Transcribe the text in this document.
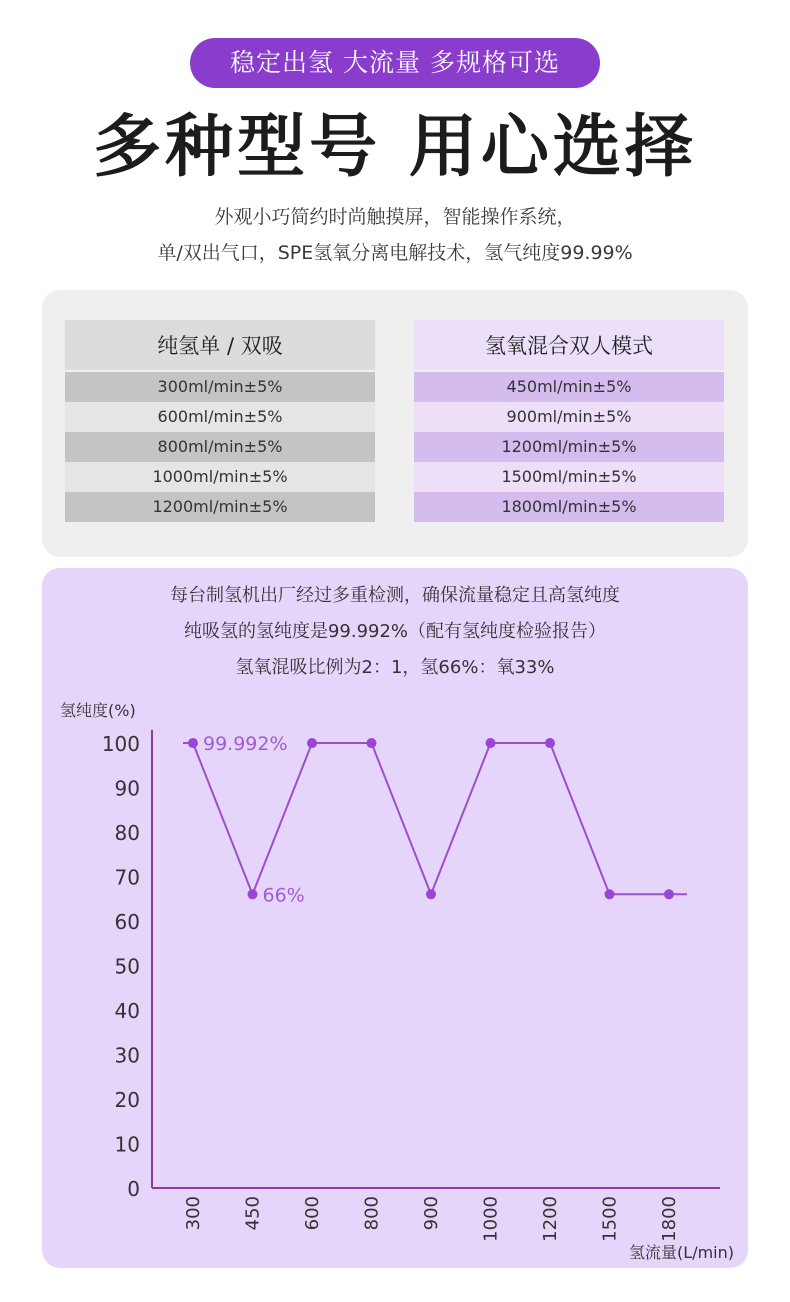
稳定出氢 大流量 多规格可选
多种型号 用心选择
外观小巧简约时尚触摸屏，智能操作系统，
单/双出气口，SPE氢氧分离电解技术，氢气纯度99.99%
纯氢单 / 双吸
300ml/min±5%
600ml/min±5%
800ml/min±5%
1000ml/min±5%
1200ml/min±5%
氢氧混合双人模式
450ml/min±5%
900ml/min±5%
1200ml/min±5%
1500ml/min±5%
1800ml/min±5%
每台制氢机出厂经过多重检测，确保流量稳定且高氢纯度
纯吸氢的氢纯度是99.992%（配有氢纯度检验报告）
氢氧混吸比例为2：1，氢66%：氧33%
氢纯度(%)
氢流量(L/min)
0
10
20
30
40
50
60
70
80
90
100
300 450 600 800 900 1000 1200 1500 1800
99.992%
66%
